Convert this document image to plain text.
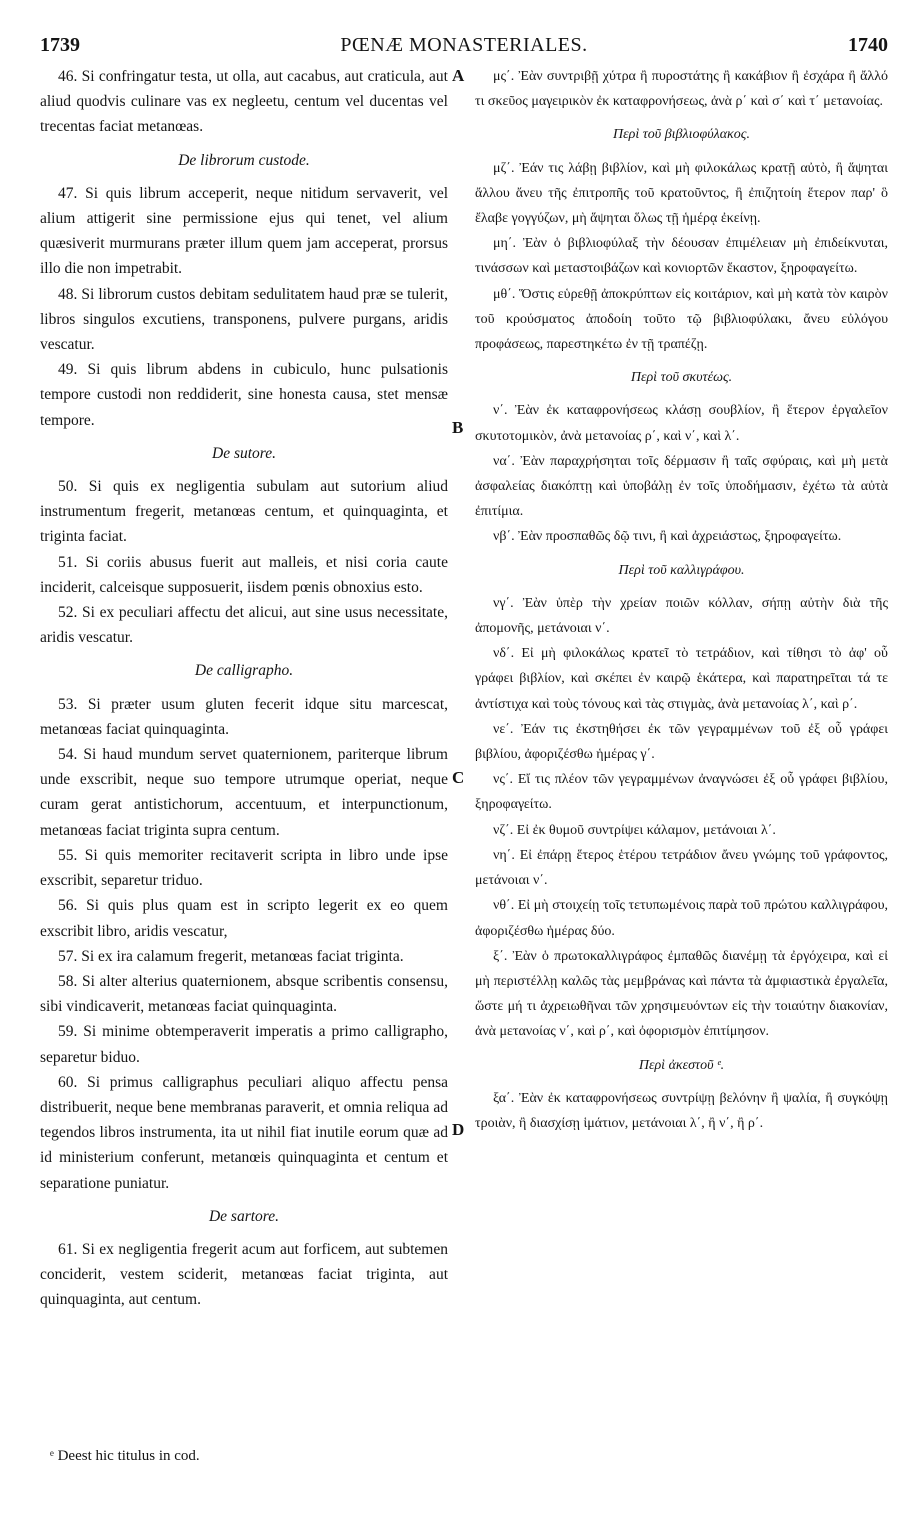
1739	PŒNÆ MONASTERIALES.	1740

46. Si confringatur testa, ut olla, aut cacabus, aut craticula, aut aliud quodvis culinare vas ex negleetu, centum vel ducentas vel trecentas faciat metanœas.

De librorum custode.

47. Si quis librum acceperit, neque nitidum servaverit, vel alium attigerit sine permissione ejus qui tenet, vel alium quæsiverit murmurans præter illum quem jam acceperat, prorsus illo die non impetrabit.

48. Si librorum custos debitam sedulitatem haud præ se tulerit, libros singulos excutiens, transponens, pulvere purgans, aridis vescatur.

49. Si quis librum abdens in cubiculo, hunc pulsationis tempore custodi non reddiderit, sine honesta causa, stet mensæ tempore.

De sutore.

50. Si quis ex negligentia subulam aut sutorium aliud instrumentum fregerit, metanœas centum, et quinquaginta, et triginta faciat.

51. Si coriis abusus fuerit aut malleis, et nisi coria caute inciderit, calceisque supposuerit, iisdem pœnis obnoxius esto.

52. Si ex peculiari affectu det alicui, aut sine usus necessitate, aridis vescatur.

De calligrapho.

53. Si præter usum gluten fecerit idque situ marcescat, metanœas faciat quinquaginta.

54. Si haud mundum servet quaternionem, pariterque librum unde exscribit, neque suo tempore utrumque operiat, neque curam gerat antistichorum, accentuum, et interpunctionum, metanœas faciat triginta supra centum.

55. Si quis memoriter recitaverit scripta in libro unde ipse exscribit, separetur triduo.

56. Si quis plus quam est in scripto legerit ex eo quem exscribit libro, aridis vescatur,

57. Si ex ira calamum fregerit, metanœas faciat triginta.

58. Si alter alterius quaternionem, absque scribentis consensu, sibi vindicaverit, metanœas faciat quinquaginta.

59. Si minime obtemperaverit imperatis a primo calligrapho, separetur biduo.

60. Si primus calligraphus peculiari aliquo affectu pensa distribuerit, neque bene membranas paraverit, et omnia reliqua ad tegendos libros instrumenta, ita ut nihil fiat inutile eorum quæ ad id ministerium conferunt, metanœis quinquaginta et centum et separatione puniatur.

De sartore.

61. Si ex negligentia fregerit acum aut forficem, aut subtemen conciderit, vestem sciderit, metanœas faciat triginta, aut quinquaginta, aut centum.

μς΄. Ἐὰν συντριβῇ χύτρα ἢ πυροστάτης ἢ κακάβιον ἢ ἐσχάρα ἢ ἄλλό τι σκεῦος μαγειρικὸν ἐκ καταφρονήσεως, ἀνὰ ρ΄ καὶ σ΄ καὶ τ΄ μετανοίας.

Περὶ τοῦ βιβλιοφύλακος.

μζ΄. Ἐάν τις λάβῃ βιβλίον, καὶ μὴ φιλοκάλως κρατῇ αὐτὸ, ἢ ἅψηται ἄλλου ἄνευ τῆς ἐπιτροπῆς τοῦ κρατοῦντος, ἢ ἐπιζητοίη ἕτερον παρ' ὃ ἔλαβε γογγύζων, μὴ ἅψηται ὅλως τῇ ἡμέρᾳ ἐκείνῃ.

μη΄. Ἐὰν ὁ βιβλιοφύλαξ τὴν δέουσαν ἐπιμέλειαν μὴ ἐπιδείκνυται, τινάσσων καὶ μεταστοιβάζων καὶ κονιορτῶν ἕκαστον, ξηροφαγείτω.

μθ΄. Ὅστις εὑρεθῇ ἀποκρύπτων εἰς κοιτάριον, καὶ μὴ κατὰ τὸν καιρὸν τοῦ κρούσματος ἀποδοίη τοῦτο τῷ βιβλιοφύλακι, ἄνευ εὐλόγου προφάσεως, παρεστηκέτω ἐν τῇ τραπέζῃ.

Περὶ τοῦ σκυτέως.

ν΄. Ἐὰν ἐκ καταφρονήσεως κλάσῃ σουβλίον, ἢ ἕτερον ἐργαλεῖον σκυτοτομικὸν, ἀνὰ μετανοίας ρ΄, καὶ ν΄, καὶ λ΄.

να΄. Ἐὰν παραχρήσηται τοῖς δέρμασιν ἢ ταῖς σφύραις, καὶ μὴ μετὰ ἀσφαλείας διακόπτῃ καὶ ὑποβάλῃ ἐν τοῖς ὑποδήμασιν, ἐχέτω τὰ αὐτὰ ἐπιτίμια.

νβ΄. Ἐὰν προσπαθῶς δῷ τινι, ἢ καὶ ἀχρειάστως, ξηροφαγείτω.

Περὶ τοῦ καλλιγράφου.

νγ΄. Ἐὰν ὑπὲρ τὴν χρείαν ποιῶν κόλλαν, σήπῃ αὐτὴν διὰ τῆς ἀπομονῆς, μετάνοιαι ν΄.

νδ΄. Εἰ μὴ φιλοκάλως κρατεῖ τὸ τετράδιον, καὶ τίθησι τὸ ἀφ' οὗ γράφει βιβλίον, καὶ σκέπει ἐν καιρῷ ἑκάτερα, καὶ παρατηρεῖται τά τε ἀντίστιχα καὶ τοὺς τόνους καὶ τὰς στιγμὰς, ἀνὰ μετανοίας λ΄, καὶ ρ΄.

νε΄. Ἐάν τις ἐκστηθήσει ἐκ τῶν γεγραμμένων τοῦ ἐξ οὗ γράφει βιβλίου, ἀφοριζέσθω ἡμέρας γ΄.

νς΄. Εἴ τις πλέον τῶν γεγραμμένων ἀναγνώσει ἐξ οὗ γράφει βιβλίου, ξηροφαγείτω.

νζ΄. Εἰ ἐκ θυμοῦ συντρίψει κάλαμον, μετάνοιαι λ΄.

νη΄. Εἰ ἐπάρῃ ἕτερος ἑτέρου τετράδιον ἄνευ γνώμης τοῦ γράφοντος, μετάνοιαι ν΄.

νθ΄. Εἰ μὴ στοιχείῃ τοῖς τετυπωμένοις παρὰ τοῦ πρώτου καλλιγράφου, ἀφοριζέσθω ἡμέρας δύο.

ξ΄. Ἐὰν ὁ πρωτοκαλλιγράφος ἐμπαθῶς διανέμῃ τὰ ἐργόχειρα, καὶ εἰ μὴ περιστέλλῃ καλῶς τὰς μεμβράνας καὶ πάντα τὰ ἀμφιαστικὰ ἐργαλεῖα, ὥστε μή τι ἀχρειωθῆναι τῶν χρησιμευόντων εἰς τὴν τοιαύτην διακονίαν, ἀνὰ μετανοίας ν΄, καὶ ρ΄, καὶ ὀφορισμὸν ἐπιτίμησον.

Περὶ ἀκεστοῦ ᵉ.

ξα΄. Ἐὰν ἐκ καταφρονήσεως συντρίψῃ βελόνην ἢ ψαλία, ἢ συγκόψῃ τροιὰν, ἢ διασχίσῃ ἱμάτιον, μετάνοιαι λ΄, ἢ ν΄, ἢ ρ΄.

A
B
C
D
ᵉ Deest hic titulus in cod.
